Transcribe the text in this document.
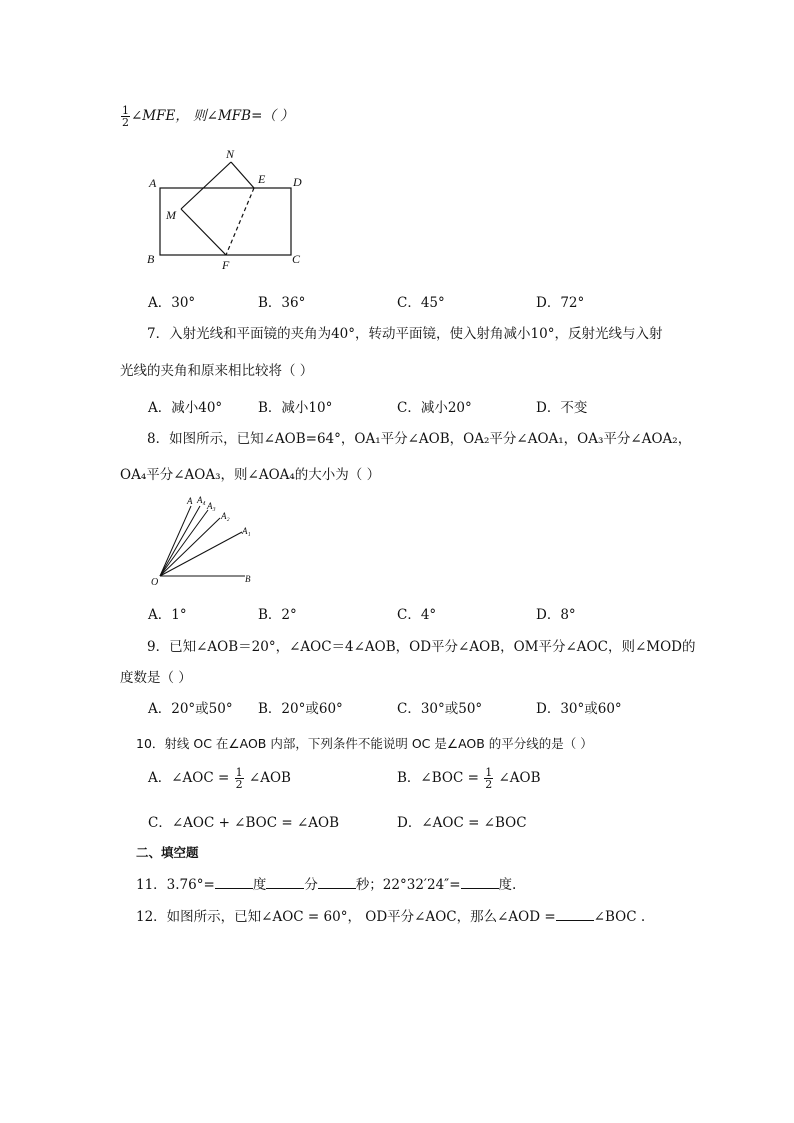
$\frac{1}{2}$ ∠MFE， 则∠MFB=（ ）
A
B	C
D
E
F
M
N
A．30°	B．36°	C．45°	D．72°
7．入射光线和平面镜的夹角为40°，转动平面镜，使入射角减小10°，反射光线与入射
光线的夹角和原来相比较将（ ）
A．减小40°	B．减小10°	C．减小20°	D．不变
8．如图所示，已知∠AOB=64°，OA₁平分∠AOB，OA₂平分∠AOA₁，OA₃平分∠AOA₂，
OA₄平分∠AOA₃，则∠AOA₄的大小为（ ）
O	B
A A₄
A₃
A₂
A₁
A．1°	B．2°	C．4°	D．8°
9．已知∠AOB＝20°，∠AOC＝4∠AOB，OD平分∠AOB，OM平分∠AOC，则∠MOD的
度数是（ ）
A．20°或50° B．20°或60°	C．30°或50°	D．30°或60°
10．射线 OC 在∠AOB 内部，下列条件不能说明 OC 是∠AOB 的平分线的是（ ）
A．∠AOC = $\frac{1}{2}$ ∠AOB	B．∠BOC = $\frac{1}{2}$ ∠AOB
C．∠AOC + ∠BOC = ∠AOB	D．∠AOC = ∠BOC
二、填空题
11．3.76°=	度	分	秒；22°32′24″=	度.
12．如图所示，已知∠AOC = 60°， OD平分∠AOC，那么∠AOD =	∠BOC .
